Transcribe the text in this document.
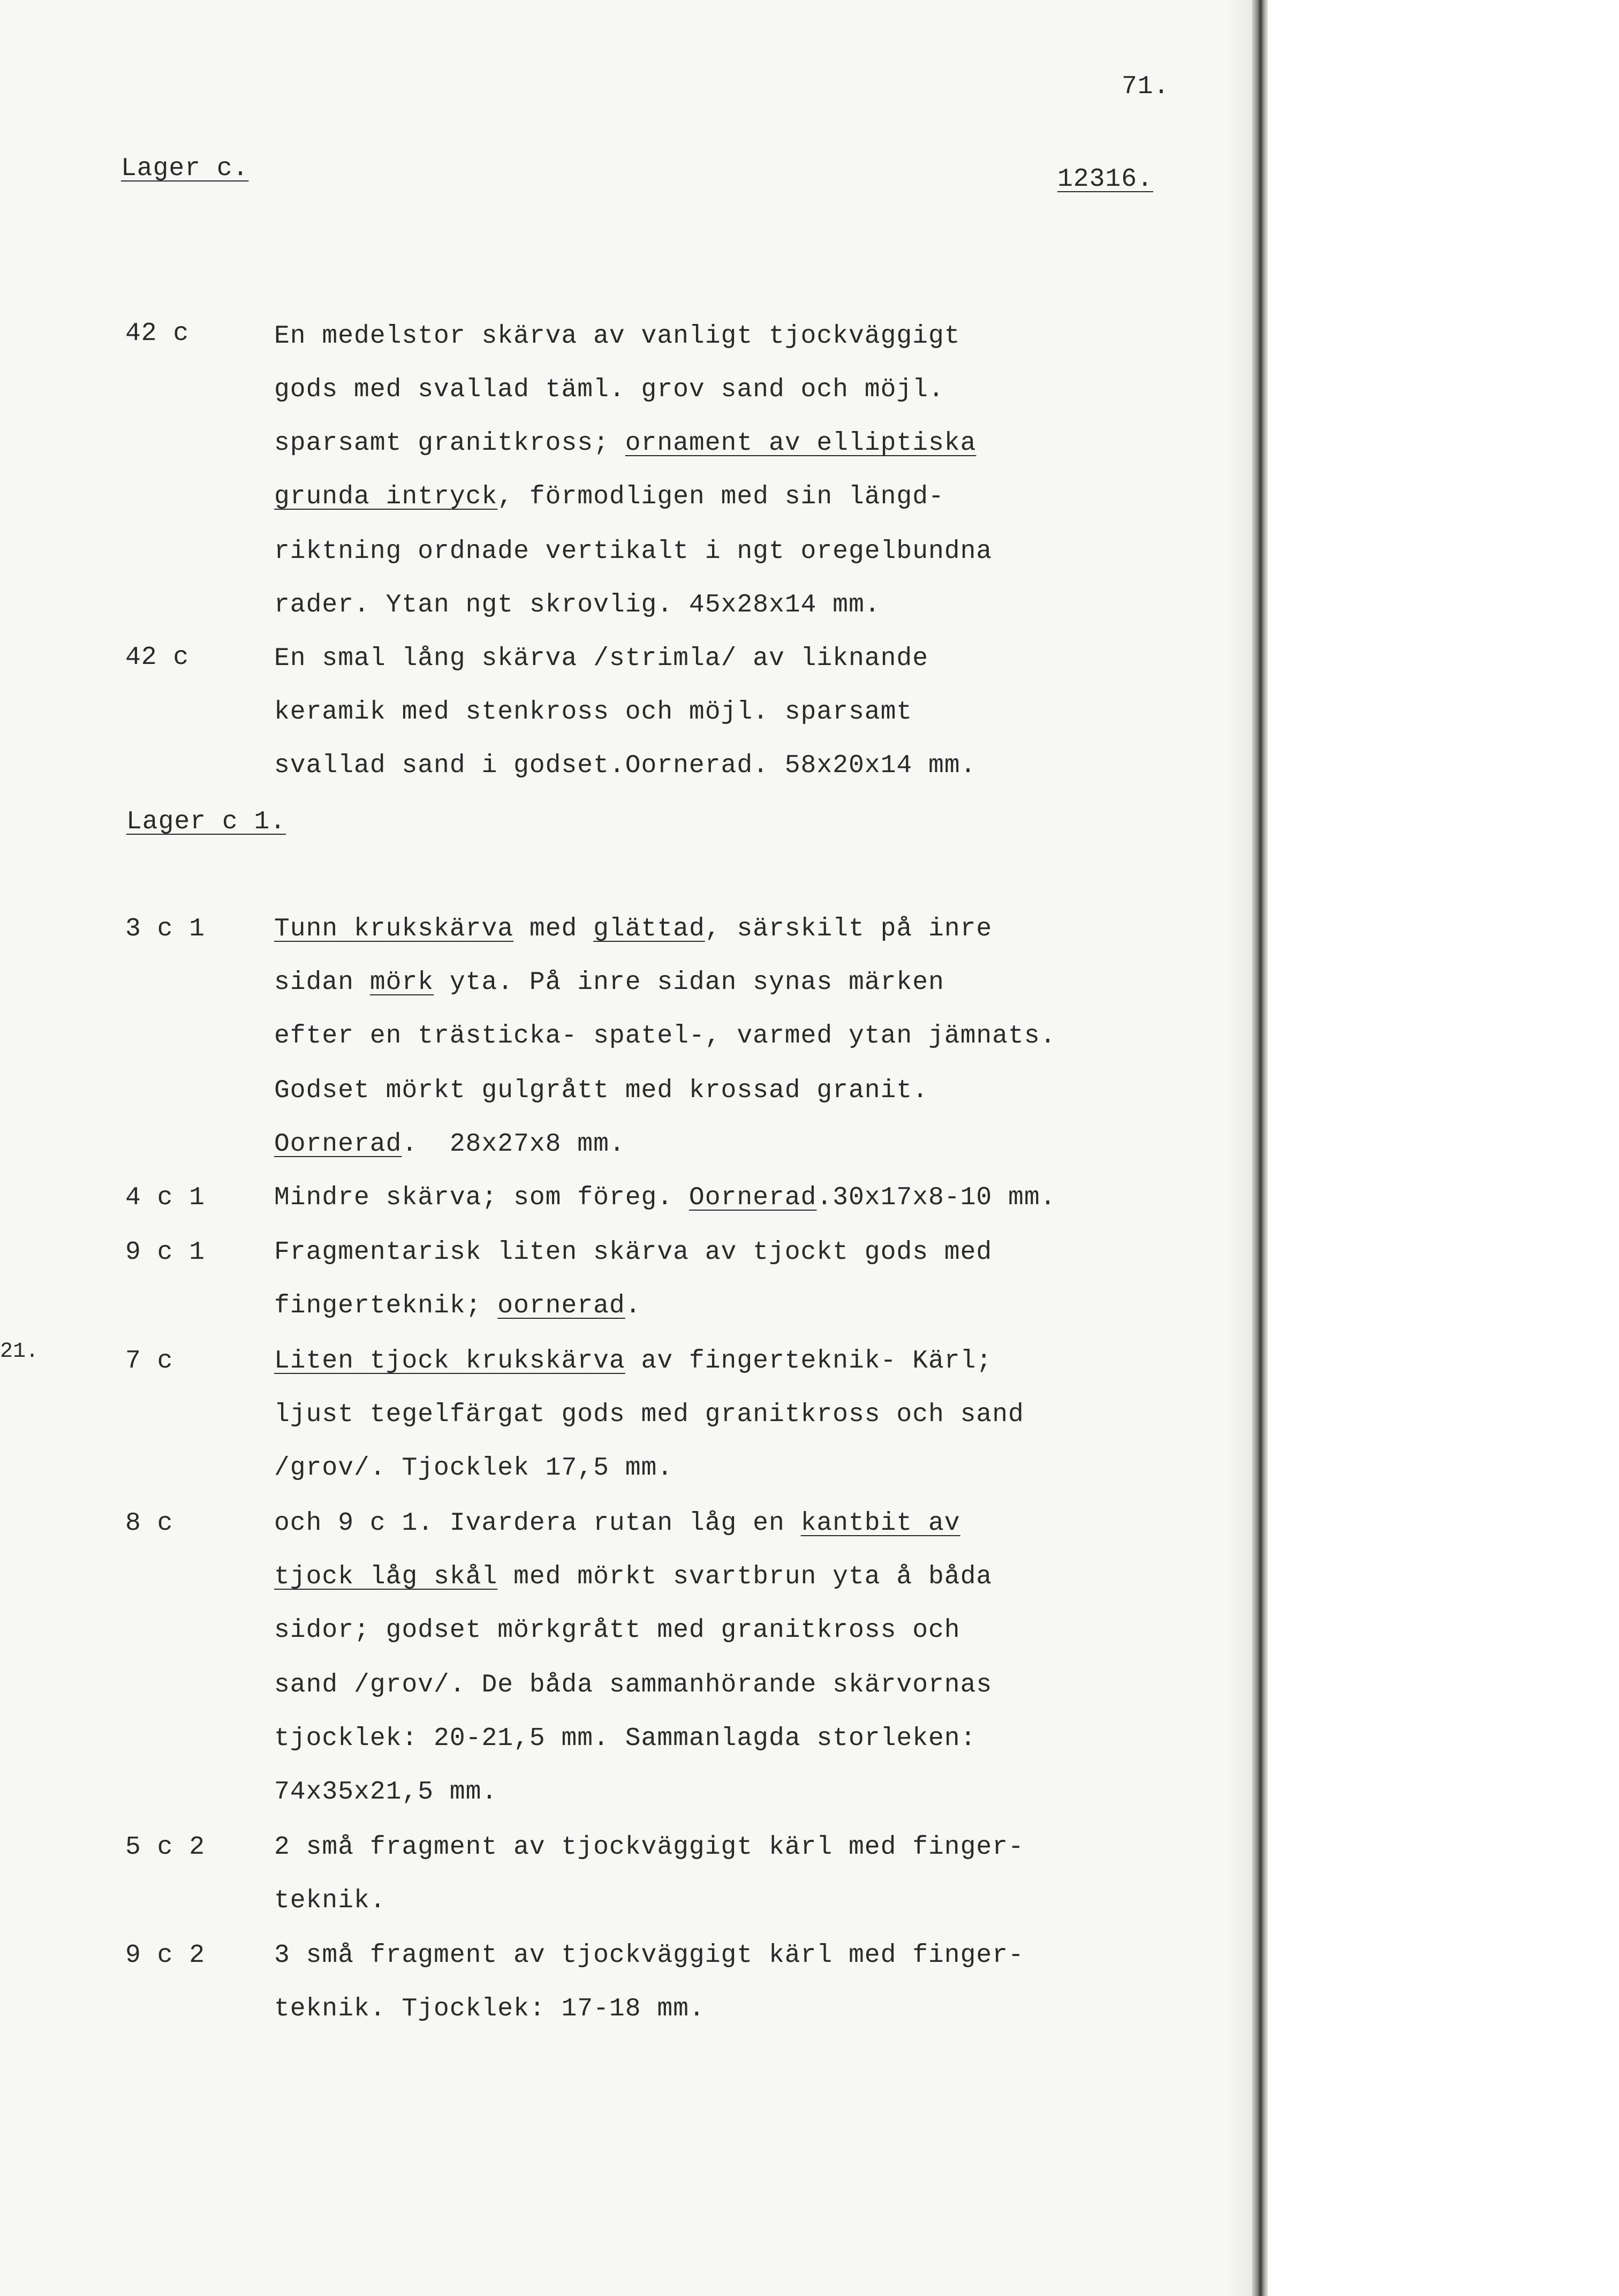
71.
Lager c.	12316.
42 c	En medelstor skärva av vanligt tjockväggigt
gods med svallad täml. grov sand och möjl.
sparsamt granitkross; ornament av elliptiska
grunda intryck, förmodligen med sin längd-
riktning ordnade vertikalt i ngt oregelbundna
rader. Ytan ngt skrovlig. 45x28x14 mm.
42 c	En smal lång skärva /strimla/ av liknande
keramik med stenkross och möjl. sparsamt
svallad sand i godset.Oornerad. 58x20x14 mm.
Lager c 1.
3 c 1	Tunn krukskärva med glättad, särskilt på inre
sidan mörk yta. På inre sidan synas märken
efter en trästicka- spatel-, varmed ytan jämnats.
Godset mörkt gulgrått med krossad granit.
Oornerad.  28x27x8 mm.
4 c 1	Mindre skärva; som föreg. Oornerad.30x17x8-10 mm.
9 c 1	Fragmentarisk liten skärva av tjockt gods med
fingerteknik; oornerad.
21.	7 c	Liten tjock krukskärva av fingerteknik- Kärl;
ljust tegelfärgat gods med granitkross och sand
/grov/. Tjocklek 17,5 mm.
8 c	och 9 c 1. Ivardera rutan låg en kantbit av
tjock låg skål med mörkt svartbrun yta å båda
sidor; godset mörkgrått med granitkross och
sand /grov/. De båda sammanhörande skärvornas
tjocklek: 20-21,5 mm. Sammanlagda storleken:
74x35x21,5 mm.
5 c 2	2 små fragment av tjockväggigt kärl med finger-
teknik.
9 c 2	3 små fragment av tjockväggigt kärl med finger-
teknik. Tjocklek: 17-18 mm.
